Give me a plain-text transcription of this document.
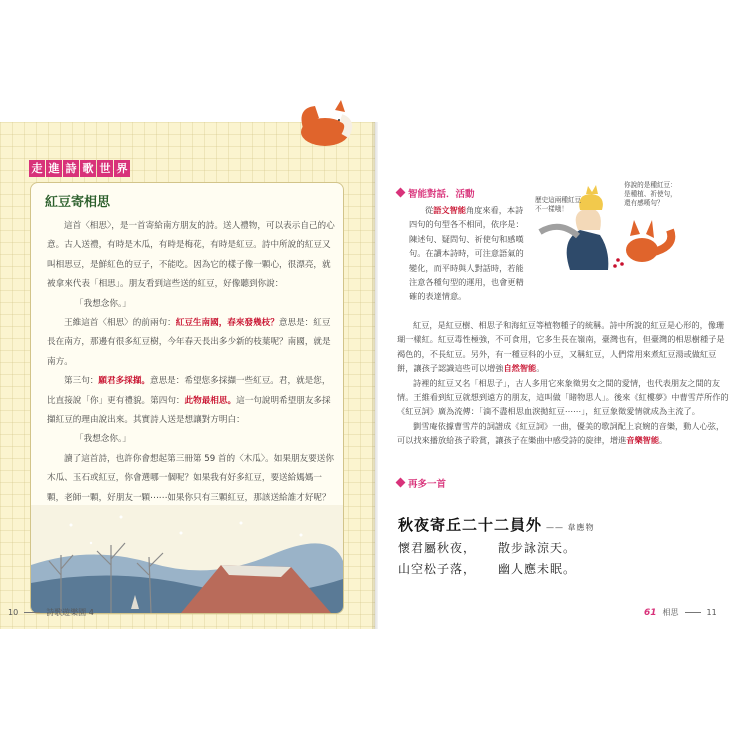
走 進 詩 歌 世 界
紅豆寄相思

這首〈相思〉，是一首寄給南方朋友的詩。送人禮物，可以表示自己的心意。古人送禮，有時是木瓜，有時是梅花，有時是紅豆。詩中所說的紅豆又叫相思豆，是鮮紅色的豆子，不能吃。因為它的樣子像一顆心，很漂亮，就被拿來代表「相思」。朋友看到這些送的紅豆，好像聽到你說：

「我想念你。」

王維這首〈相思〉的前兩句：紅豆生南國，春來發幾枝？意思是：紅豆長在南方，那邊有很多紅豆樹，今年春天長出多少新的枝葉呢？南國，就是南方。

第三句：願君多採擷。意思是：希望您多採擷一些紅豆。君，就是您，比直接說「你」更有禮貌。第四句：此物最相思。這一句說明希望朋友多採擷紅豆的理由說出來。其實詩人送是想讓對方明白：

「我想念你。」

讀了這首詩，也許你會想起第三冊第 59 首的〈木瓜〉。如果朋友要送你木瓜、玉石或紅豆，你會選哪一個呢？如果我有好多紅豆，要送給媽媽一顆，老師一顆，好朋友一顆⋯⋯如果你只有三顆紅豆，那該送給誰才好呢？

10	詩歌遊樂園 4
智能對話．活動

從語文智能角度來看，本詩四句的句型各不相同，依序是：陳述句、疑問句、祈使句和感嘆句。在讀本詩時，可注意語氣的變化，而平時與人對話時，若能注意各種句型的運用，也會更精確的表達情意。

歷史這兩種紅豆不一樣哦！
你說的是種紅豆：是種植、祈使句，還有感嘆句？

紅豆，是紅豆樹、相思子和海紅豆等植物種子的統稱。詩中所說的紅豆是心形的，像珊瑚一樣紅。紅豆毒性極強，不可食用，它多生長在嶺南，臺灣也有，但臺灣的相思樹種子是褐色的，不長紅豆。另外，有一種豆科的小豆，又稱紅豆，人們常用來煮紅豆湯或做紅豆餅，讓孩子認識這些可以增強自然智能。

詩裡的紅豆又名「相思子」，古人多用它來象徵男女之間的愛情，也代表朋友之間的友情。王維看到紅豆就想到遠方的朋友，這叫做「睹物思人」。後來《紅樓夢》中曹雪芹所作的《紅豆詞》廣為流傳：「滴不盡相思血淚拋紅豆⋯⋯」，紅豆象徵愛情就成為主流了。

劉雪庵依據曹雪芹的詞譜成《紅豆詞》一曲，優美的歌詞配上哀婉的音樂，動人心弦，可以找來播放給孩子聆賞，讓孩子在樂曲中感受詩的旋律，增進音樂智能。

再多一首
秋夜寄丘二十二員外 —— 韋應物
懷君屬秋夜， 散步詠涼天。
山空松子落， 幽人應未眠。
61 相思	11
